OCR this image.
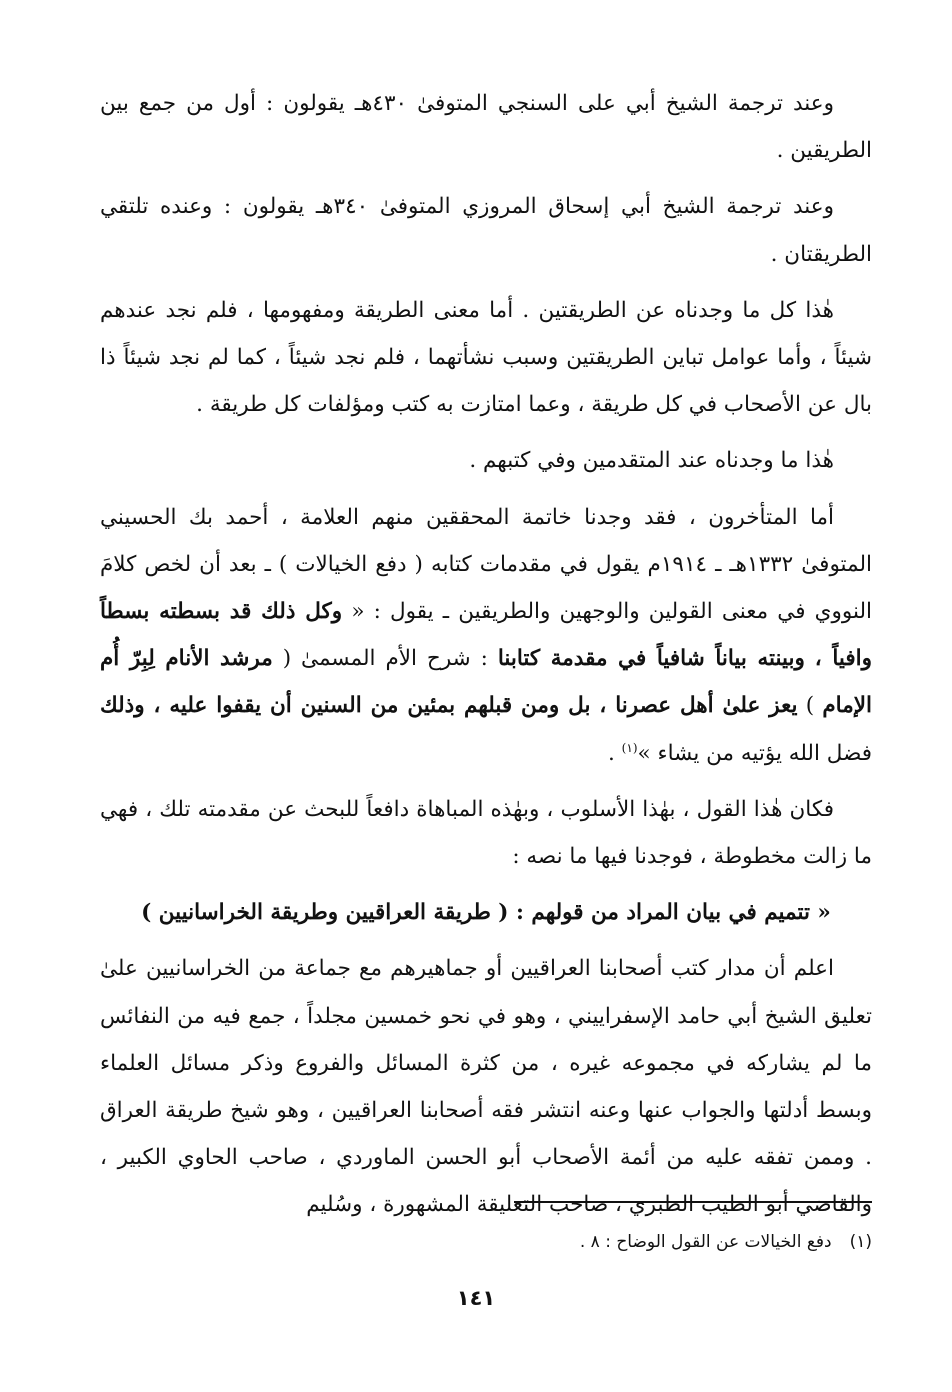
وعند ترجمة الشيخ أبي على السنجي المتوفىٰ ٤٣٠هـ يقولون : أول من جمع بين الطريقين .

وعند ترجمة الشيخ أبي إسحاق المروزي المتوفىٰ ٣٤٠هـ يقولون : وعنده تلتقي الطريقتان .

هٰذا كل ما وجدناه عن الطريقتين . أما معنى الطريقة ومفهومها ، فلم نجد عندهم شيئاً ، وأما عوامل تباين الطريقتين وسبب نشأتهما ، فلم نجد شيئاً ، كما لم نجد شيئاً ذا بال عن الأصحاب في كل طريقة ، وعما امتازت به كتب ومؤلفات كل طريقة .

هٰذا ما وجدناه عند المتقدمين وفي كتبهم .

أما المتأخرون ، فقد وجدنا خاتمة المحققين منهم العلامة ، أحمد بك الحسيني المتوفىٰ ١٣٣٢هـ ـ ١٩١٤م يقول في مقدمات كتابه ( دفع الخيالات ) ـ بعد أن لخص كلامَ النووي في معنى القولين والوجهين والطريقين ـ يقول : « وكل ذلك قد بسطته بسطاً وافياً ، وبينته بياناً شافياً في مقدمة كتابنا : شرح الأم المسمىٰ ( مرشد الأنام لِبِرّ أُم الإمام ) يعز علىٰ أهل عصرنا ، بل ومن قبلهم بمئين من السنين أن يقفوا عليه ، وذلك فضل الله يؤتيه من يشاء »$^{(١)}$ .

فكان هٰذا القول ، بهٰذا الأسلوب ، وبهٰذه المباهاة دافعاً للبحث عن مقدمته تلك ، فهي ما زالت مخطوطة ، فوجدنا فيها ما نصه :

« تتميم في بيان المراد من قولهم : ( طريقة العراقيين وطريقة الخراسانيين )

اعلم أن مدار كتب أصحابنا العراقيين أو جماهيرهم مع جماعة من الخراسانيين علىٰ تعليق الشيخ أبي حامد الإسفراييني ، وهو في نحو خمسين مجلداً ، جمع فيه من النفائس ما لم يشاركه في مجموعه غيره ، من كثرة المسائل والفروع وذكر مسائل العلماء وبسط أدلتها والجواب عنها وعنه انتشر فقه أصحابنا العراقيين ، وهو شيخ طريقة العراق . وممن تفقه عليه من أئمة الأصحاب أبو الحسن الماوردي ، صاحب الحاوي الكبير ، والقاضي أبو الطيب الطبري ، صاحب التعليقة المشهورة ، وسُليم

(١)دفع الخيالات عن القول الوضاح : ٨ .
١٤١
